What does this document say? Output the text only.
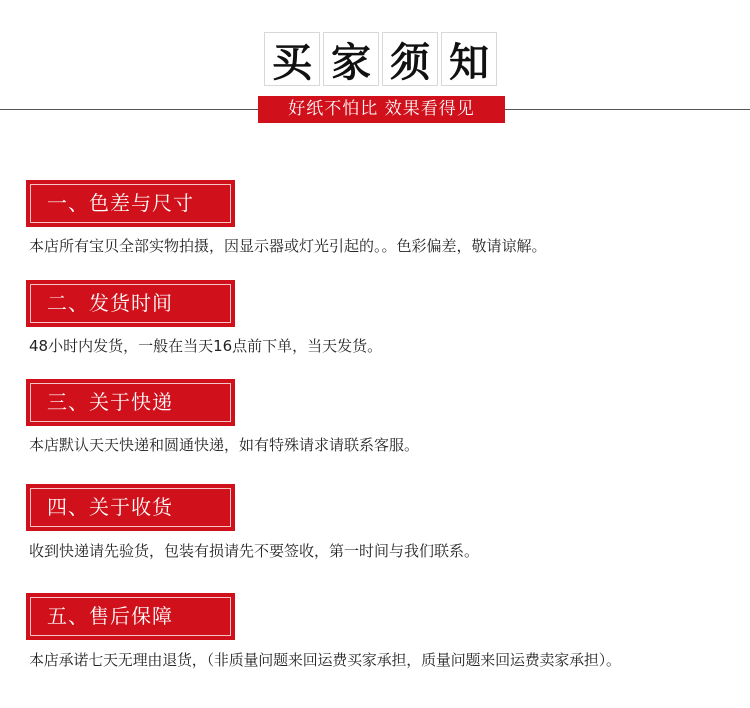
买 家 须 知
好纸不怕比 效果看得见
一、色差与尺寸
本店所有宝贝全部实物拍摄，因显示器或灯光引起的。。色彩偏差，敬请谅解。
二、发货时间
48小时内发货，一般在当天16点前下单，当天发货。
三、关于快递
本店默认天天快递和圆通快递，如有特殊请求请联系客服。
四、关于收货
收到快递请先验货，包装有损请先不要签收，第一时间与我们联系。
五、售后保障
本店承诺七天无理由退货，（非质量问题来回运费买家承担，质量问题来回运费卖家承担）。
